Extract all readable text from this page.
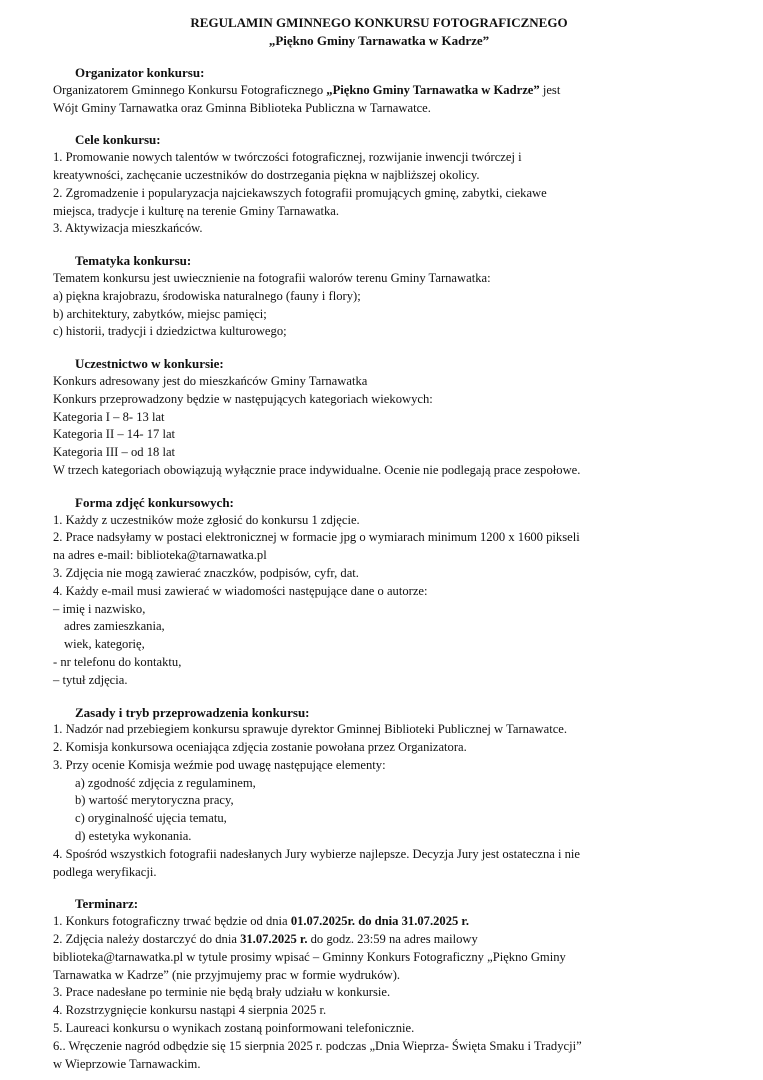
REGULAMIN GMINNEGO KONKURSU FOTOGRAFICZNEGO
„Piękno Gminy Tarnawatka w Kadrze”
Organizator konkursu:
Organizatorem Gminnego Konkursu Fotograficznego „Piękno Gminy Tarnawatka w Kadrze” jest
Wójt Gminy Tarnawatka oraz Gminna Biblioteka Publiczna w Tarnawatce.
Cele konkursu:
1. Promowanie nowych talentów w twórczości fotograficznej, rozwijanie inwencji twórczej i
kreatywności, zachęcanie uczestników do dostrzegania piękna w najbliższej okolicy.
2. Zgromadzenie i popularyzacja najciekawszych fotografii promujących gminę, zabytki, ciekawe
miejsca, tradycje i kulturę na terenie Gminy Tarnawatka.
3. Aktywizacja mieszkańców.
Tematyka konkursu:
Tematem konkursu jest uwiecznienie na fotografii walorów terenu Gminy Tarnawatka:
a) piękna krajobrazu, środowiska naturalnego (fauny i flory);
b) architektury, zabytków, miejsc pamięci;
c) historii, tradycji i dziedzictwa kulturowego;
Uczestnictwo w konkursie:
Konkurs adresowany jest do mieszkańców Gminy Tarnawatka
Konkurs przeprowadzony będzie w następujących kategoriach wiekowych:
Kategoria I – 8- 13 lat
Kategoria II – 14- 17 lat
Kategoria III – od 18 lat
W trzech kategoriach obowiązują wyłącznie prace indywidualne. Ocenie nie podlegają prace zespołowe.
Forma zdjęć konkursowych:
1. Każdy z uczestników może zgłosić do konkursu 1 zdjęcie.
2. Prace nadsyłamy w postaci elektronicznej w formacie jpg o wymiarach minimum 1200 x 1600 pikseli
na adres e-mail: biblioteka@tarnawatka.pl
3. Zdjęcia nie mogą zawierać znaczków, podpisów, cyfr, dat.
4. Każdy e-mail musi zawierać w wiadomości następujące dane o autorze:
– imię i nazwisko,
adres zamieszkania,
wiek, kategorię,
- nr telefonu do kontaktu,
– tytuł zdjęcia.
Zasady i tryb przeprowadzenia konkursu:
1. Nadzór nad przebiegiem konkursu sprawuje dyrektor Gminnej Biblioteki Publicznej w Tarnawatce.
2. Komisja konkursowa oceniająca zdjęcia zostanie powołana przez Organizatora.
3. Przy ocenie Komisja weźmie pod uwagę następujące elementy:
a) zgodność zdjęcia z regulaminem,
b) wartość merytoryczna pracy,
c) oryginalność ujęcia tematu,
d) estetyka wykonania.
4. Spośród wszystkich fotografii nadesłanych Jury wybierze najlepsze. Decyzja Jury jest ostateczna i nie
podlega weryfikacji.
Terminarz:
1. Konkurs fotograficzny trwać będzie od dnia 01.07.2025r. do dnia 31.07.2025 r.
2. Zdjęcia należy dostarczyć do dnia 31.07.2025 r. do godz. 23:59 na adres mailowy
biblioteka@tarnawatka.pl w tytule prosimy wpisać – Gminny Konkurs Fotograficzny „Piękno Gminy
Tarnawatka w Kadrze” (nie przyjmujemy prac w formie wydruków).
3. Prace nadesłane po terminie nie będą brały udziału w konkursie.
4. Rozstrzygnięcie konkursu nastąpi 4 sierpnia 2025 r.
5. Laureaci konkursu o wynikach zostaną poinformowani telefonicznie.
6.. Wręczenie nagród odbędzie się 15 sierpnia 2025 r. podczas „Dnia Wieprza- Święta Smaku i Tradycji”
w Wieprzowie Tarnawackim.
